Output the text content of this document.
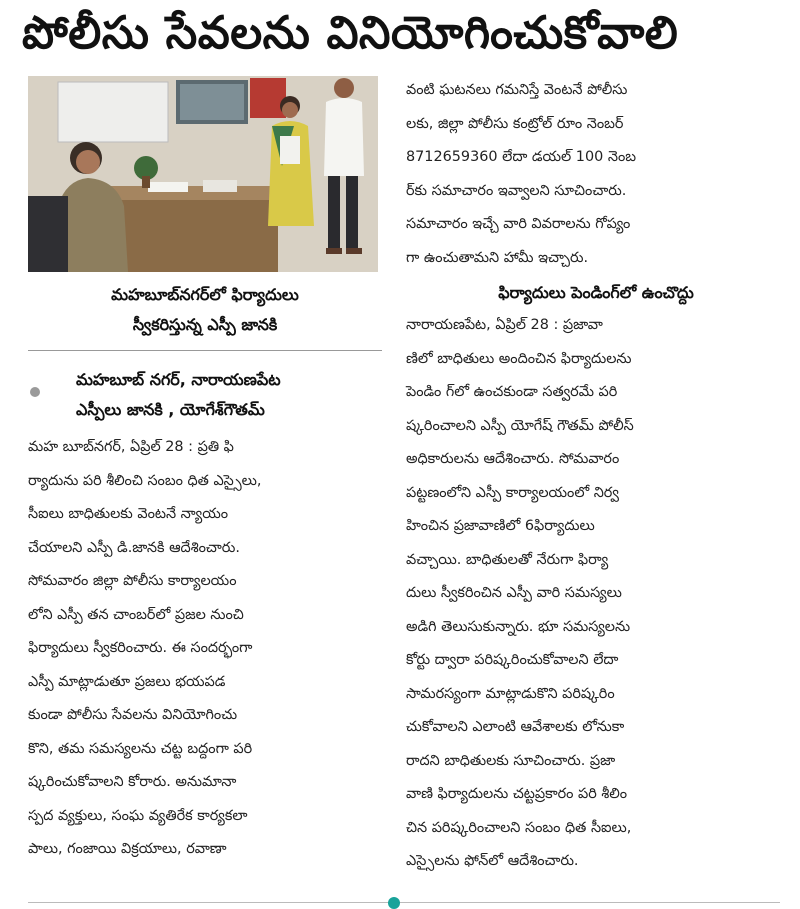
పోలీసు సేవలను వినియోగించుకోవాలి
మహబూబ్‌నగర్‌లో ఫిర్యాదులు
స్వీకరిస్తున్న ఎస్పీ జానకి
మహబూబ్ నగర్, నారాయణపేట
ఎస్పీలు జానకి , యోగేశ్‌గౌతమ్
మహ బూబ్‌నగర్, ఏప్రిల్ 28 : ప్రతి ఫి
ర్యాదును పరి శీలించి సంబం ధిత ఎస్సైలు,
సీఐలు బాధితులకు వెంటనే న్యాయం
చేయాలని ఎస్పీ డి.జానకి ఆదేశించారు.
సోమవారం జిల్లా పోలీసు కార్యాలయం
లోని ఎస్పీ తన చాంబర్‌లో ప్రజల నుంచి
ఫిర్యాదులు స్వీకరించారు. ఈ సందర్భంగా
ఎస్పీ మాట్లాడుతూ ప్రజలు భయపడ
కుండా పోలీసు సేవలను వినియోగించు
కొని, తమ సమస్యలను చట్ట బద్దంగా పరి
ష్కరించుకోవాలని కోరారు. అనుమానా
స్పద వ్యక్తులు, సంఘ వ్యతిరేక కార్యకలా
పాలు, గంజాయి విక్రయాలు, రవాణా
వంటి ఘటనలు గమనిస్తే వెంటనే పోలీసు
లకు, జిల్లా పోలీసు కంట్రోల్ రూం నెంబర్
8712659360 లేదా డయల్ 100 నెంబ
ర్‌కు సమాచారం ఇవ్వాలని సూచించారు.
సమాచారం ఇచ్చే వారి వివరాలను గోప్యం
గా ఉంచుతామని హామీ ఇచ్చారు.
ఫిర్యాదులు పెండింగ్‌లో ఉంచొద్దు
నారాయణపేట, ఏప్రిల్ 28 : ప్రజావా
ణిలో బాధితులు అందించిన ఫిర్యాదులను
పెండిం గ్‌లో ఉంచకుండా సత్వరమే పరి
ష్కరించాలని ఎస్పీ యోగేష్ గౌతమ్ పోలీస్
అధికారులను ఆదేశించారు. సోమవారం
పట్టణంలోని ఎస్పీ కార్యాలయంలో నిర్వ
హించిన ప్రజావాణిలో 6ఫిర్యాదులు
వచ్చాయి. బాధితులతో నేరుగా ఫిర్యా
దులు స్వీకరించిన ఎస్పీ వారి సమస్యలు
అడిగి తెలుసుకున్నారు. భూ సమస్యలను
కోర్టు ద్వారా పరిష్కరించుకోవాలని లేదా
సామరస్యంగా మాట్లాడుకొని పరిష్కరిం
చుకోవాలని ఎలాంటి ఆవేశాలకు లోనుకా
రాదని బాధితులకు సూచించారు. ప్రజా
వాణి ఫిర్యాదులను చట్టప్రకారం పరి శీలిం
చిన పరిష్కరించాలని సంబం ధిత సీఐలు,
ఎస్సైలను ఫోన్‌లో ఆదేశించారు.
